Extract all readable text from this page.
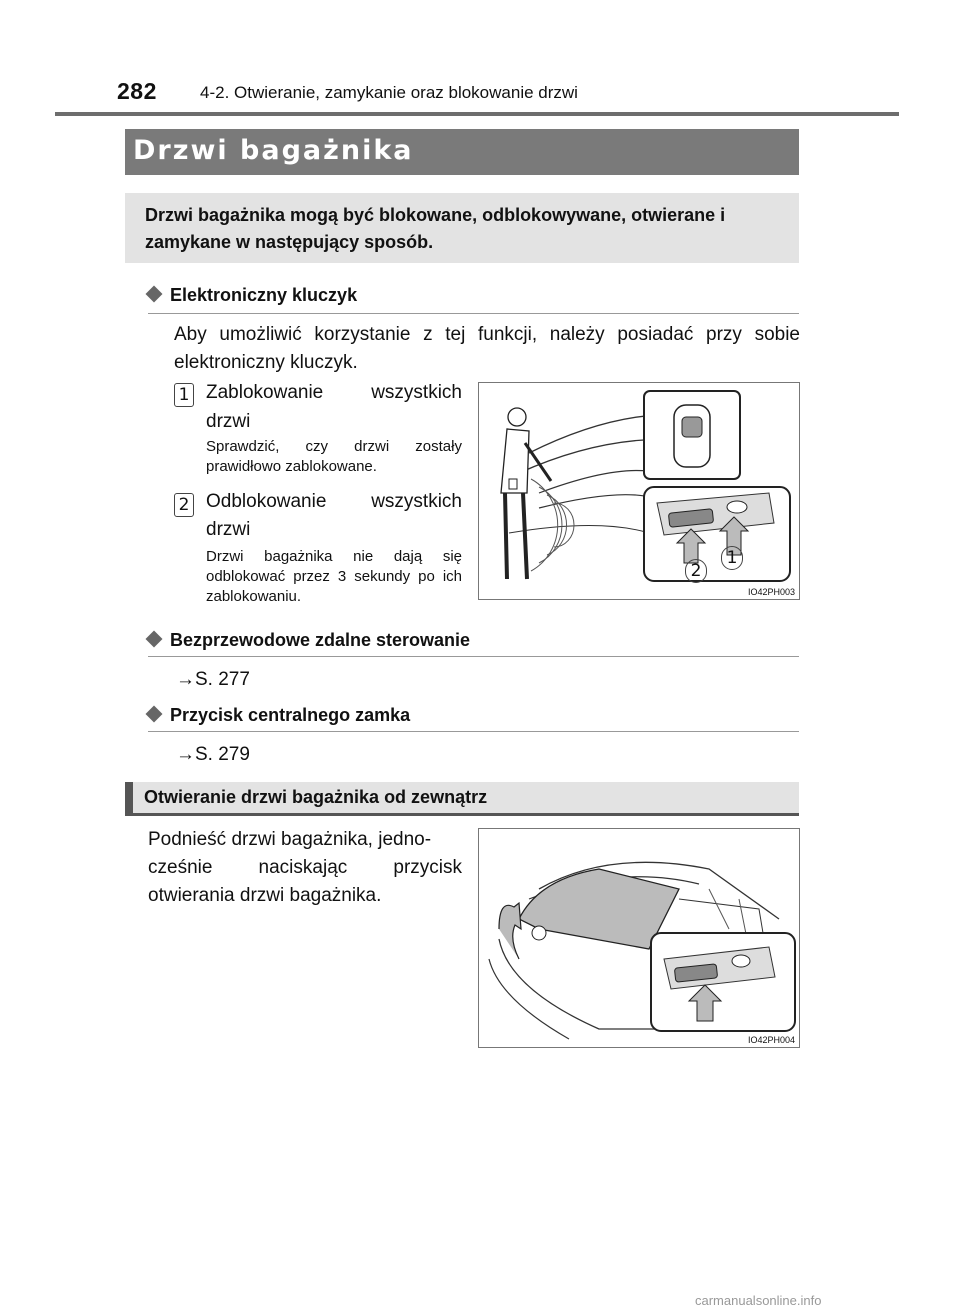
282	4-2. Otwieranie, zamykanie oraz blokowanie drzwi
Drzwi bagażnika
Drzwi bagażnika mogą być blokowane, odblokowywane, otwierane i zamykane w następujący sposób.
Elektroniczny kluczyk
Aby umożliwić korzystanie z tej funkcji, należy posiadać przy sobie elektroniczny kluczyk.
1 Zablokowanie wszystkich
drzwi
Sprawdzić, czy drzwi zostały prawidłowo zablokowane.
2 Odblokowanie wszystkich
drzwi
Drzwi bagażnika nie dają się odblokować przez 3 sekundy po ich zablokowaniu.
1
2
IO42PH003
Bezprzewodowe zdalne sterowanie
→S. 277
Przycisk centralnego zamka
→S. 279
Otwieranie drzwi bagażnika od zewnątrz
Podnieść drzwi bagażnika, jedno-
cześnie naciskając przycisk
otwierania drzwi bagażnika.
IO42PH004
carmanualsonline.info
